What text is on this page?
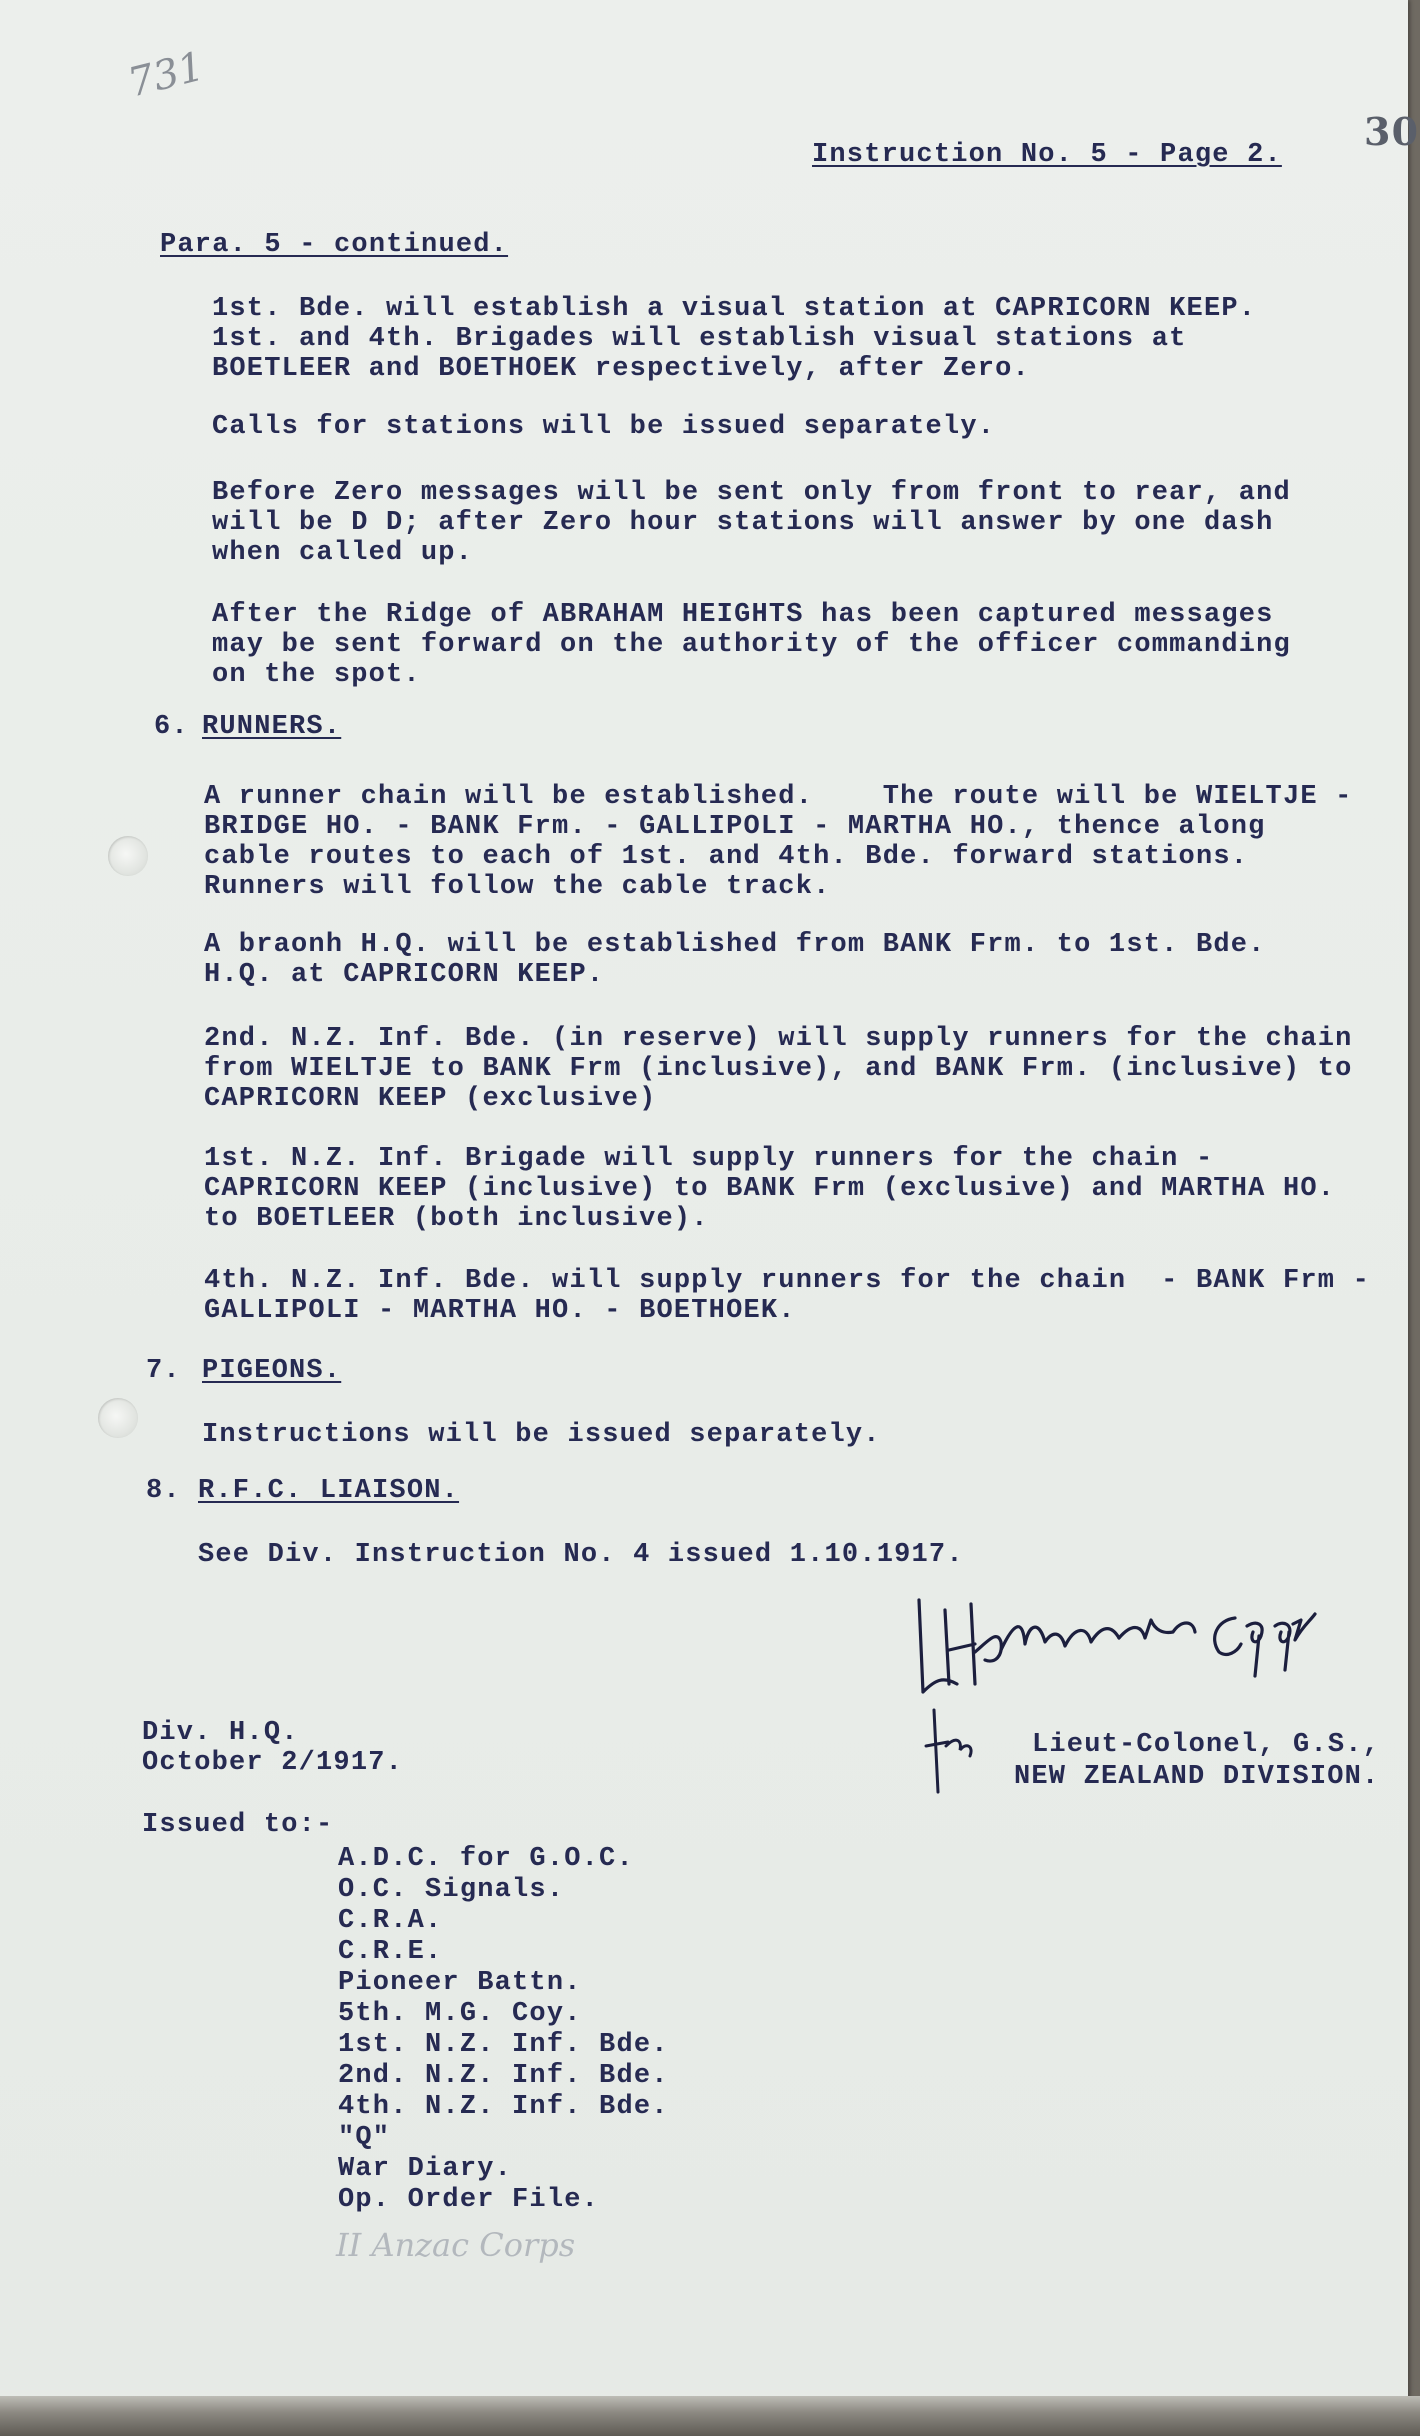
731
30
Instruction No. 5 - Page 2.
Para. 5 - continued.
1st. Bde. will establish a visual station at CAPRICORN KEEP.
1st. and 4th. Brigades will establish visual stations at
BOETLEER and BOETHOEK respectively, after Zero.
Calls for stations will be issued separately.
Before Zero messages will be sent only from front to rear, and
will be D D; after Zero hour stations will answer by one dash
when called up.
After the Ridge of ABRAHAM HEIGHTS has been captured messages
may be sent forward on the authority of the officer commanding
on the spot.
6. RUNNERS.
A runner chain will be established.    The route will be WIELTJE -
BRIDGE HO. - BANK Frm. - GALLIPOLI - MARTHA HO., thence along
cable routes to each of 1st. and 4th. Bde. forward stations.
Runners will follow the cable track.
A braonh H.Q. will be established from BANK Frm. to 1st. Bde.
H.Q. at CAPRICORN KEEP.
2nd. N.Z. Inf. Bde. (in reserve) will supply runners for the chain
from WIELTJE to BANK Frm (inclusive), and BANK Frm. (inclusive) to
CAPRICORN KEEP (exclusive)
1st. N.Z. Inf. Brigade will supply runners for the chain -
CAPRICORN KEEP (inclusive) to BANK Frm (exclusive) and MARTHA HO.
to BOETLEER (both inclusive).
4th. N.Z. Inf. Bde. will supply runners for the chain  - BANK Frm -
GALLIPOLI - MARTHA HO. - BOETHOEK.
7. PIGEONS.
Instructions will be issued separately.
8. R.F.C. LIAISON.
See Div. Instruction No. 4 issued 1.10.1917.
Lieut-Colonel, G.S.,
NEW ZEALAND DIVISION.
Div. H.Q.
October 2/1917.
Issued to:-
A.D.C. for G.O.C.
O.C. Signals.
C.R.A.
C.R.E.
Pioneer Battn.
5th. M.G. Coy.
1st. N.Z. Inf. Bde.
2nd. N.Z. Inf. Bde.
4th. N.Z. Inf. Bde.
"Q"
War Diary.
Op. Order File.
II Anzac Corps
